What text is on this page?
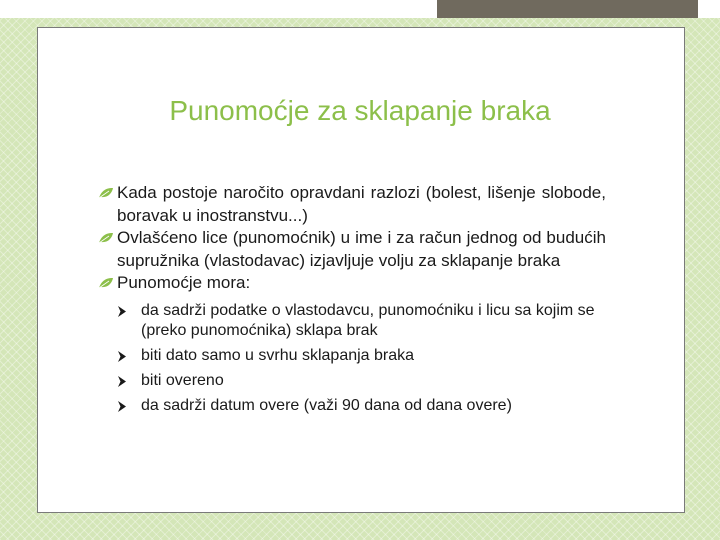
Punomoćje za sklapanje braka
Kada postoje naročito opravdani razlozi (bolest, lišenje slobode, boravak u inostranstvu...)
Ovlašćeno lice (punomoćnik) u ime i za račun jednog od budućih supružnika (vlastodavac) izjavljuje volju za sklapanje braka
Punomoćje mora:
da sadrži podatke o vlastodavcu, punomoćniku i licu sa kojim se (preko punomoćnika) sklapa brak
biti dato samo u svrhu sklapanja braka
biti overeno
da sadrži datum overe (važi 90 dana od dana overe)
